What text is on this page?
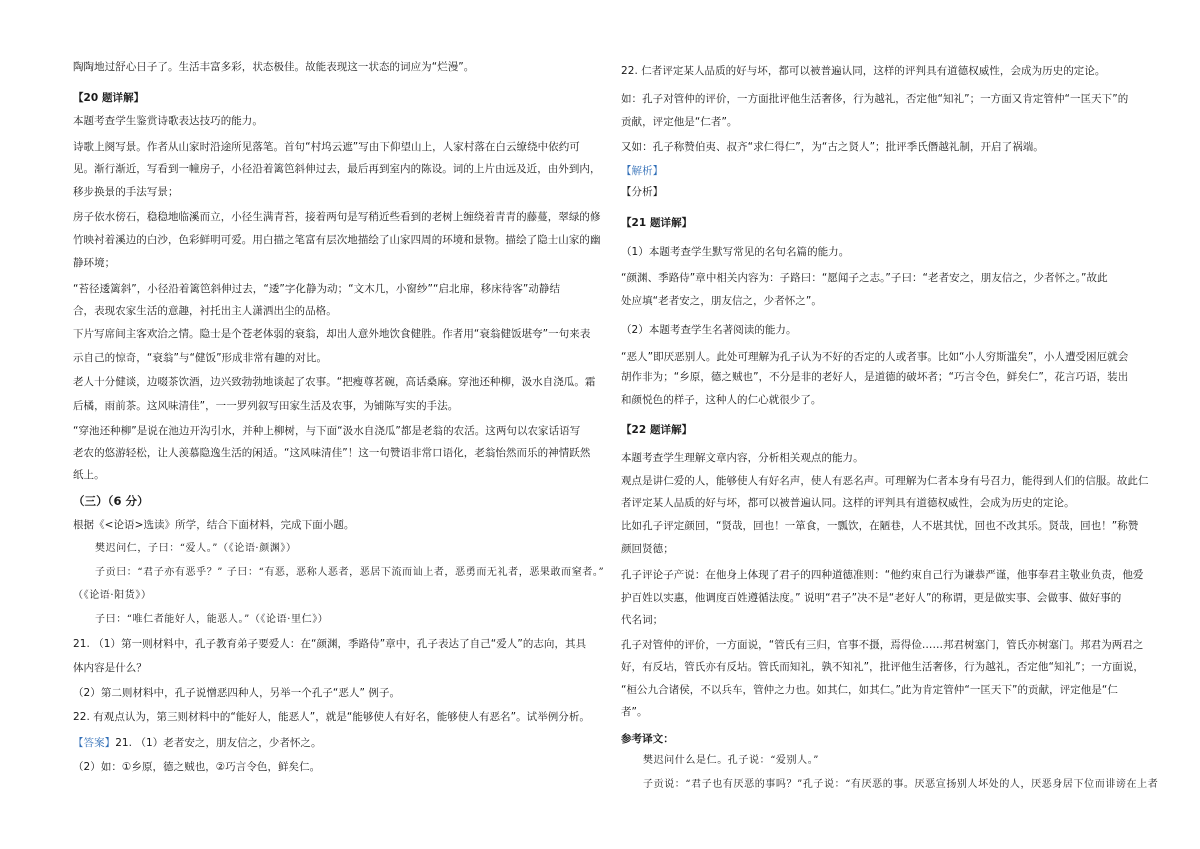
陶陶地过舒心日子了。生活丰富多彩，状态极佳。故能表现这一状态的词应为“烂漫”。

【20 题详解】

本题考查学生鉴赏诗歌表达技巧的能力。

诗歌上阕写景。作者从山家时沿途所见落笔。首句“村坞云遮”写由下仰望山上，人家村落在白云缭绕中依约可

见。渐行渐近，写看到一幢房子，小径沿着篱笆斜伸过去，最后再到室内的陈设。词的上片由远及近，由外到内，

移步换景的手法写景；

房子依水傍石，稳稳地临溪而立，小径生满青苔，接着两句是写稍近些看到的老树上缠绕着青青的藤蔓，翠绿的修

竹映衬着溪边的白沙，色彩鲜明可爱。用白描之笔富有层次地描绘了山家四周的环境和景物。描绘了隐士山家的幽

静环境；

“苔径逶篱斜”，小径沿着篱笆斜伸过去，“逶”字化静为动；“文木几，小窗纱”“启北扉，移床待客”动静结

合，表现农家生活的意趣，衬托出主人潇洒出尘的品格。

下片写席间主客欢洽之情。隐士是个苍老体弱的衰翁，却出人意外地饮食健胜。作者用“衰翁健饭堪夸”一句来表

示自己的惊奇，“衰翁”与“健饭”形成非常有趣的对比。

老人十分健谈，边啜茶饮酒，边兴致勃勃地谈起了农事。“把瘦尊茗碗，高话桑麻。穿池还种柳，汲水自浇瓜。霜

后橘，雨前茶。这风味清佳”，一一罗列叙写田家生活及农事，为铺陈写实的手法。

“穿池还种柳”是说在池边开沟引水，并种上柳树，与下面“汲水自浇瓜”都是老翁的农活。这两句以农家话语写

老农的悠游轻松，让人羡慕隐逸生活的闲适。“这风味清佳”！这一句赞语非常口语化，老翁怡然而乐的神情跃然

纸上。

（三）（6 分）

根据《<论语>选读》所学，结合下面材料，完成下面小题。

樊迟问仁，子曰：“爱人。”（《论语·颜渊》）

子贡曰：“君子亦有恶乎？” 子曰：“有恶，恶称人恶者，恶居下流而讪上者，恶勇而无礼者，恶果敢而窒者。”

（《论语·阳货》）

子曰：“唯仁者能好人，能恶人。”（《论语·里仁》）

21. （1）第一则材料中，孔子教育弟子要爱人：在“颜渊，季路侍”章中，孔子表达了自己“爱人”的志向，其具

体内容是什么？

（2）第二则材料中，孔子说憎恶四种人，另举一个孔子“恶人” 例子。

22. 有观点认为，第三则材料中的“能好人，能恶人”，就是“能够使人有好名，能够使人有恶名”。试举例分析。

【答案】21. （1）老者安之，朋友信之，少者怀之。

（2）如：①乡原，德之贼也，②巧言令色，鲜矣仁。

22. 仁者评定某人品质的好与坏，都可以被普遍认同，这样的评判具有道德权威性，会成为历史的定论。

如：孔子对管仲的评价，一方面批评他生活奢侈，行为越礼，否定他“知礼”；一方面又肯定管仲“一匡天下”的

贡献，评定他是“仁者”。

又如：孔子称赞伯夷、叔齐“求仁得仁”，为“古之贤人”；批评季氏僭越礼制，开启了祸端。

【解析】

【分析】

【21 题详解】

（1）本题考查学生默写常见的名句名篇的能力。

“颜渊、季路侍”章中相关内容为：子路曰：“愿闻子之志。”子曰：“老者安之，朋友信之，少者怀之。”故此

处应填“老者安之，朋友信之，少者怀之”。

（2）本题考查学生名著阅读的能力。

“恶人”即厌恶别人。此处可理解为孔子认为不好的否定的人或者事。比如“小人穷斯滥矣”，小人遭受困厄就会

胡作非为；“乡原，德之贼也”，不分是非的老好人，是道德的破坏者；“巧言令色，鲜矣仁”，花言巧语，装出

和颜悦色的样子，这种人的仁心就很少了。

【22 题详解】

本题考查学生理解文章内容，分析相关观点的能力。

观点是讲仁爱的人，能够使人有好名声，使人有恶名声。可理解为仁者本身有号召力，能得到人们的信服。故此仁

者评定某人品质的好与坏，都可以被普遍认同。这样的评判具有道德权威性，会成为历史的定论。

比如孔子评定颜回，“贤哉，回也！一箪食，一瓢饮，在陋巷，人不堪其忧，回也不改其乐。贤哉，回也！”称赞

颜回贤德；

孔子评论子产说：在他身上体现了君子的四种道德准则：“他约束自己行为谦恭严谨，他事奉君主敬业负责，他爱

护百姓以实惠，他调度百姓遵循法度。” 说明“君子”决不是“老好人”的称谓，更是做实事、会做事、做好事的

代名词；

孔子对管仲的评价，一方面说，“管氏有三归，官事不摄，焉得俭……邦君树塞门，管氏亦树塞门。邦君为两君之

好，有反坫，管氏亦有反坫。管氏而知礼，孰不知礼”，批评他生活奢侈，行为越礼，否定他“知礼”；一方面说，

“桓公九合诸侯，不以兵车，管仲之力也。如其仁，如其仁。”此为肯定管仲“一匡天下”的贡献，评定他是“仁

者”。

参考译文：

樊迟问什么是仁。孔子说：“爱别人。”

子贡说：“君子也有厌恶的事吗？”孔子说：“有厌恶的事。厌恶宣扬别人坏处的人，厌恶身居下位而诽谤在上者
